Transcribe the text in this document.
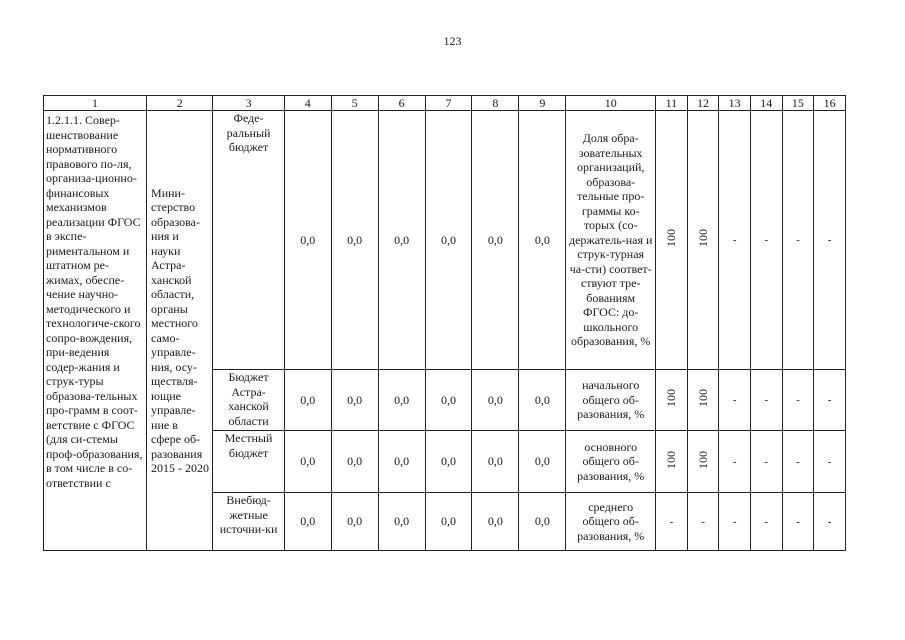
123
1	2	3	4	5	6	7	8	9	10	11	12	13	14	15	16
1.2.1.1. Совер-шенствование нормативного правового по-ля, организа-ционно-финансовых механизмов реализации ФГОС в экспе-риментальном и штатном ре-жимах, обеспе-чение научно-методического и технологиче-ского сопро-вождения, при-ведения содер-жания и струк-туры образова-тельных про-грамм в соот-ветствие с ФГОС (для си-стемы проф-образования, в том числе в со-ответствии с	Мини-стерство образова-ния и науки Астра-ханской области, органы местного само-управле-ния, осу-ществля-ющие управле-ние в сфере об-разования 2015 - 2020	Феде-ральный бюджет	0,0	0,0	0,0	0,0	0,0	0,0	Доля обра-зовательных организаций, образова-тельные про-граммы ко-торых (со-держатель-ная и струк-турная ча-сти) соответ-ствуют тре-бованиям ФГОС: до-школьного образования, %	100	100	-	-	-	-
		Бюджет Астра-ханской области	0,0	0,0	0,0	0,0	0,0	0,0	начального общего об-разования, %	100	100	-	-	-	-
		Местный бюджет	0,0	0,0	0,0	0,0	0,0	0,0	основного общего об-разования, %	100	100	-	-	-	-
		Внебюд-жетные источни-ки	0,0	0,0	0,0	0,0	0,0	0,0	среднего общего об-разования, %	-	-	-	-	-	-
